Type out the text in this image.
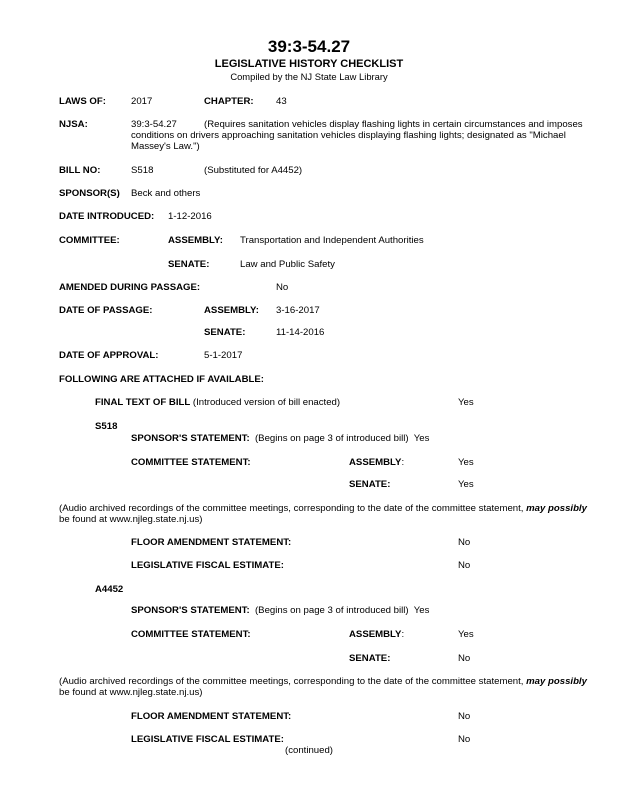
39:3-54.27
LEGISLATIVE HISTORY CHECKLIST
Compiled by the NJ State Law Library
LAWS OF:	2017	CHAPTER: 43
NJSA:	39:3-54.27	(Requires sanitation vehicles display flashing lights in certain circumstances and imposes
conditions on drivers approaching sanitation vehicles displaying flashing lights; designated as "Michael
Massey's Law.")
BILL NO:	S518	(Substituted for A4452)
SPONSOR(S) Beck and others
DATE INTRODUCED: 1-12-2016
COMMITTEE:	ASSEMBLY: Transportation and Independent Authorities
SENATE:	Law and Public Safety
AMENDED DURING PASSAGE:	No
DATE OF PASSAGE:	ASSEMBLY: 3-16-2017
SENATE:	11-14-2016
DATE OF APPROVAL:	5-1-2017
FOLLOWING ARE ATTACHED IF AVAILABLE:
FINAL TEXT OF BILL (Introduced version of bill enacted)	Yes
S518
SPONSOR'S STATEMENT:  (Begins on page 3 of introduced bill)  Yes
COMMITTEE STATEMENT:	ASSEMBLY:	Yes
SENATE:	Yes
(Audio archived recordings of the committee meetings, corresponding to the date of the committee statement, may possibly
be found at www.njleg.state.nj.us)
FLOOR AMENDMENT STATEMENT:	No
LEGISLATIVE FISCAL ESTIMATE:	No
A4452
SPONSOR'S STATEMENT:  (Begins on page 3 of introduced bill)  Yes
COMMITTEE STATEMENT:	ASSEMBLY:	Yes
SENATE:	No
(Audio archived recordings of the committee meetings, corresponding to the date of the committee statement, may possibly
be found at www.njleg.state.nj.us)
FLOOR AMENDMENT STATEMENT:	No
LEGISLATIVE FISCAL ESTIMATE:	No
(continued)
